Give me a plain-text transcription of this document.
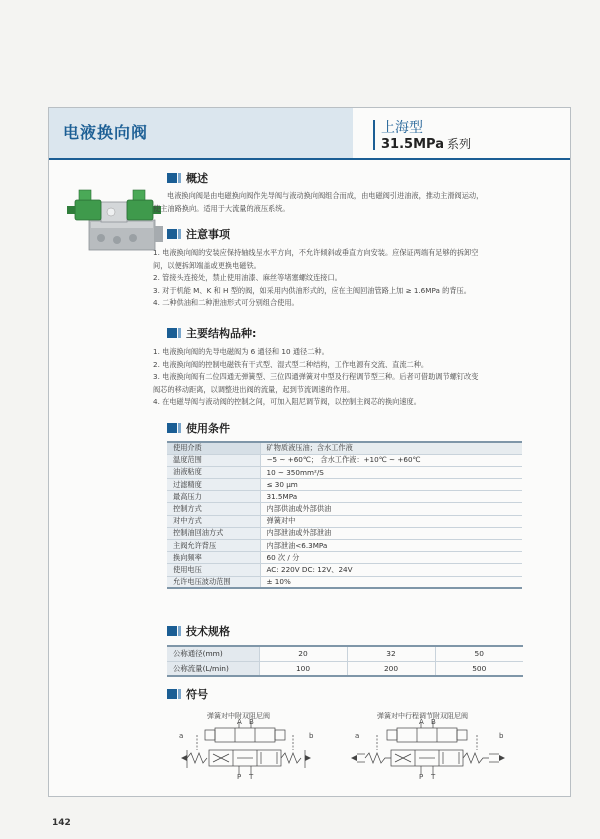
电液换向阀	上海型
31.5MPa 系列
概述

电液换向阀是由电磁换向阀作先导阀与液动换向阀组合而成，由电磁阀引进油液，推动主滑阀运动，

使主油路换向。适用于大流量的液压系统。

注意事项

1. 电液换向阀的安装应保持轴线呈水平方向，不允许倾斜或垂直方向安装。应保证两端有足够的拆卸空

间，以便拆卸端盖或更换电磁铁。

2. 管接头连接处，禁止使用油漆、麻丝等堵塞螺纹连接口。

3. 对于机能 M、K 和 H 型的阀，如采用内供油形式的，应在主阀回油管路上加 ≥ 1.6MPa 的背压。

4. 二种供油和二种泄油形式可分别组合使用。

主要结构品种:

1. 电液换向阀的先导电磁阀为 6 通径和 10 通径二种。

2. 电液换向阀的控制电磁铁有干式型、湿式型二种结构，工作电源有交流、直流二种。

3. 电液换向阀有二位四通无弹簧型、三位四通弹簧对中型及行程调节型三种。后者可借助调节螺钉改变

阀芯的移动距离，以调整进出阀的流量，起到节流调速的作用。

4. 在电磁导阀与液动阀的控制之间，可加入阻尼调节阀，以控制主阀芯的换向速度。

使用条件
使用介质	矿物质液压油；含水工作液
温度范围	−5 ~ +60℃； 含水工作液：+10℃ ~ +60℃
油液粘度	10 ~ 350mm²/S
过滤精度	≤ 30 μm
最高压力	31.5MPa
控制方式	内部供油或外部供油
对中方式	弹簧对中
控制油回油方式	内部泄油或外部泄油
主阀允许背压	内部泄油<6.3MPa
换向频率	60 次 / 分
使用电压	AC: 220V DC: 12V、24V
允许电压波动范围	± 10%
技术规格
公称通径(mm)	20	32	50
公称流量(L/min)	100	200	500
符号
弹簧对中附双阻尼阀	弹簧对中行程调节附双阻尼阀
A B
P T
a	b
A B
P T
a	b
142
